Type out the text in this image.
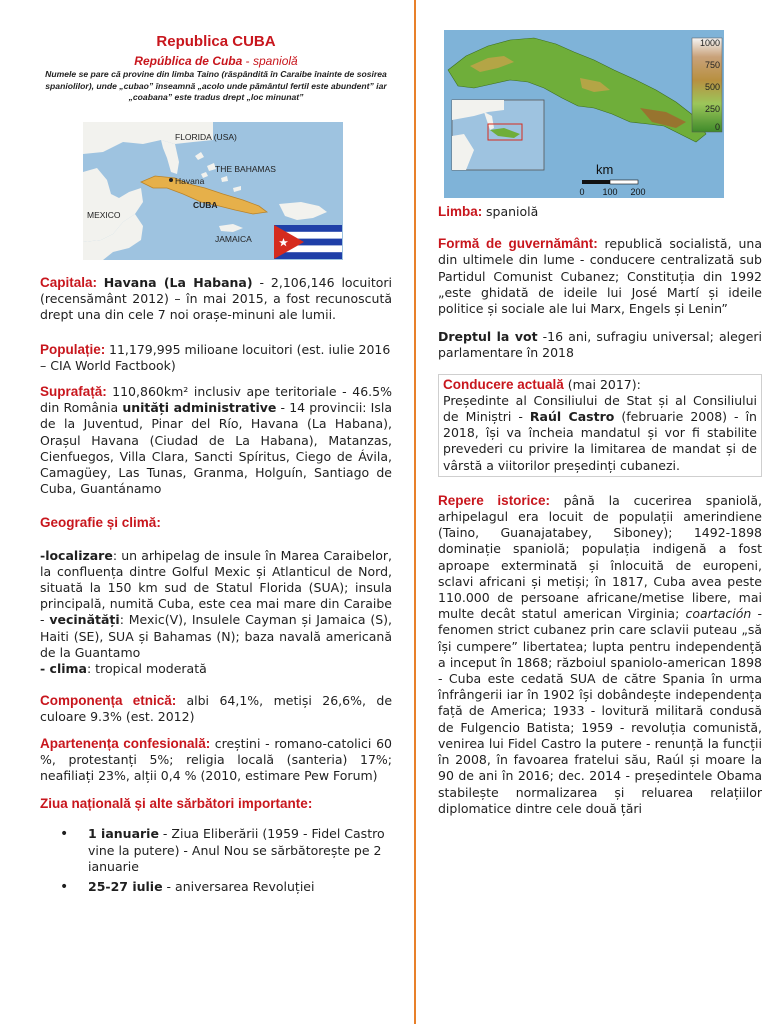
Republica CUBA
República de Cuba - spaniolă
Numele se pare că provine din limba Taino (răspândită în Caraibe înainte de sosirea spaniolilor), unde „cubao” înseamnă „acolo unde pământul fertil este abundent” iar „coabana” este tradus drept „loc minunat”
FLORIDA (USA)
THE BAHAMAS
Havana
MEXICO
CUBA
JAMAICA

Capitala: Havana (La Habana) - 2,106,146 locuitori (recensământ 2012) – în mai 2015, a fost recunoscută drept una din cele 7 noi orașe-minuni ale lumii.

Populație: 11,179,995 milioane locuitori (est. iulie 2016 – CIA World Factbook)

Suprafață: 110,860km² inclusiv ape teritoriale - 46.5% din România unități administrative - 14 provincii: Isla de la Juventud, Pinar del Río, Havana (La Habana), Orașul Havana (Ciudad de La Habana), Matanzas, Cienfuegos, Villa Clara, Sancti Spíritus, Ciego de Ávila, Camagüey, Las Tunas, Granma, Holguín, Santiago de Cuba, Guantánamo

Geografie și climă:

-localizare: un arhipelag de insule în Marea Caraibelor, la confluența dintre Golful Mexic și Atlanticul de Nord, situată la 150 km sud de Statul Florida (SUA); insula principală, numită Cuba, este cea mai mare din Caraibe - vecinătăți: Mexic(V), Insulele Cayman și Jamaica (S), Haiti (SE), SUA și Bahamas (N); baza navală americană de la Guantamo
- clima: tropical moderată

Componența etnică: albi 64,1%, metiși 26,6%, de culoare 9.3% (est. 2012)

Apartenența confesională: creștini - romano-catolici 60 %, protestanți 5%; religia locală (santeria) 17%; neafiliați 23%, alții 0,4 % (2010, estimare Pew Forum)

Ziua națională și alte sărbători importante:

• 1 ianuarie - Ziua Eliberării (1959 - Fidel Castro vine la putere) - Anul Nou se sărbătorește pe 2 ianuarie
• 25-27 iulie - aniversarea Revoluției
1000
750
500
250
0
km
0 100 200

Limba: spaniolă

Formă de guvernământ: republică socialistă, una din ultimele din lume - conducere centralizată sub Partidul Comunist Cubanez; Constituția din 1992 „este ghidată de ideile lui José Martí și ideile politice și sociale ale lui Marx, Engels și Lenin”

Dreptul la vot -16 ani, sufragiu universal; alegeri parlamentare în 2018

Conducere actuală (mai 2017):
Președinte al Consiliului de Stat și al Consiliului de Miniștri - Raúl Castro (februarie 2008) - în 2018, își va încheia mandatul și vor fi stabilite prevederi cu privire la limitarea de mandat și de vârstă a viitorilor președinți cubanezi.

Repere istorice: până la cucerirea spaniolă, arhipelagul era locuit de populații amerindiene (Taino, Guanajatabey, Siboney); 1492-1898 dominație spaniolă; populația indigenă a fost aproape exterminată și înlocuită de europeni, sclavi africani și metiși; în 1817, Cuba avea peste 110.000 de persoane africane/metise libere, mai multe decât statul american Virginia; coartación - fenomen strict cubanez prin care sclavii puteau „să își cumpere” libertatea; lupta pentru independență a inceput în 1868; războiul spaniolo-american 1898 - Cuba este cedată SUA de către Spania în urma înfrângerii iar în 1902 își dobândește independența față de America; 1933 - lovitură militară condusă de Fulgencio Batista; 1959 - revoluția comunistă, venirea lui Fidel Castro la putere - renunță la funcții în 2008, în favoarea fratelui său, Raúl și moare la 90 de ani în 2016; dec. 2014 - președintele Obama stabilește normalizarea și reluarea relațiilor diplomatice dintre cele două țări
